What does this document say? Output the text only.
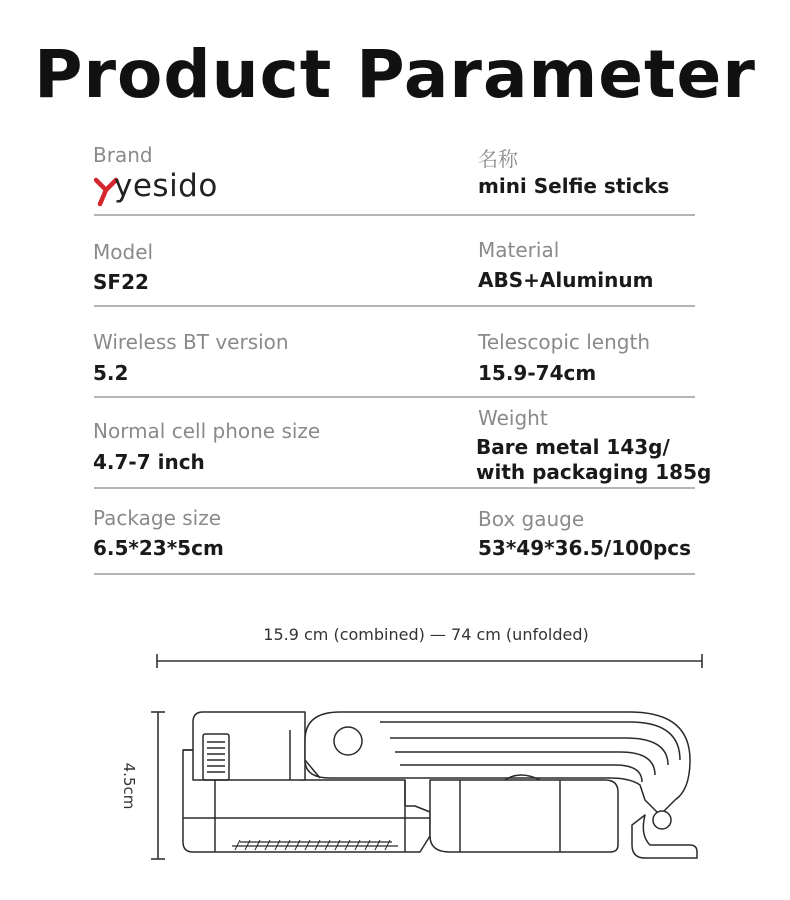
Product Parameter
Brand
yesido
名称
mini Selfie sticks
Model
SF22
Material
ABS+Aluminum
Wireless BT version
5.2
Telescopic length
15.9-74cm
Normal cell phone size
4.7-7 inch
Weight
Bare metal 143g/
with packaging 185g
Package size
6.5*23*5cm
Box gauge
53*49*36.5/100pcs
15.9 cm (combined) — 74 cm (unfolded)
4.5cm
